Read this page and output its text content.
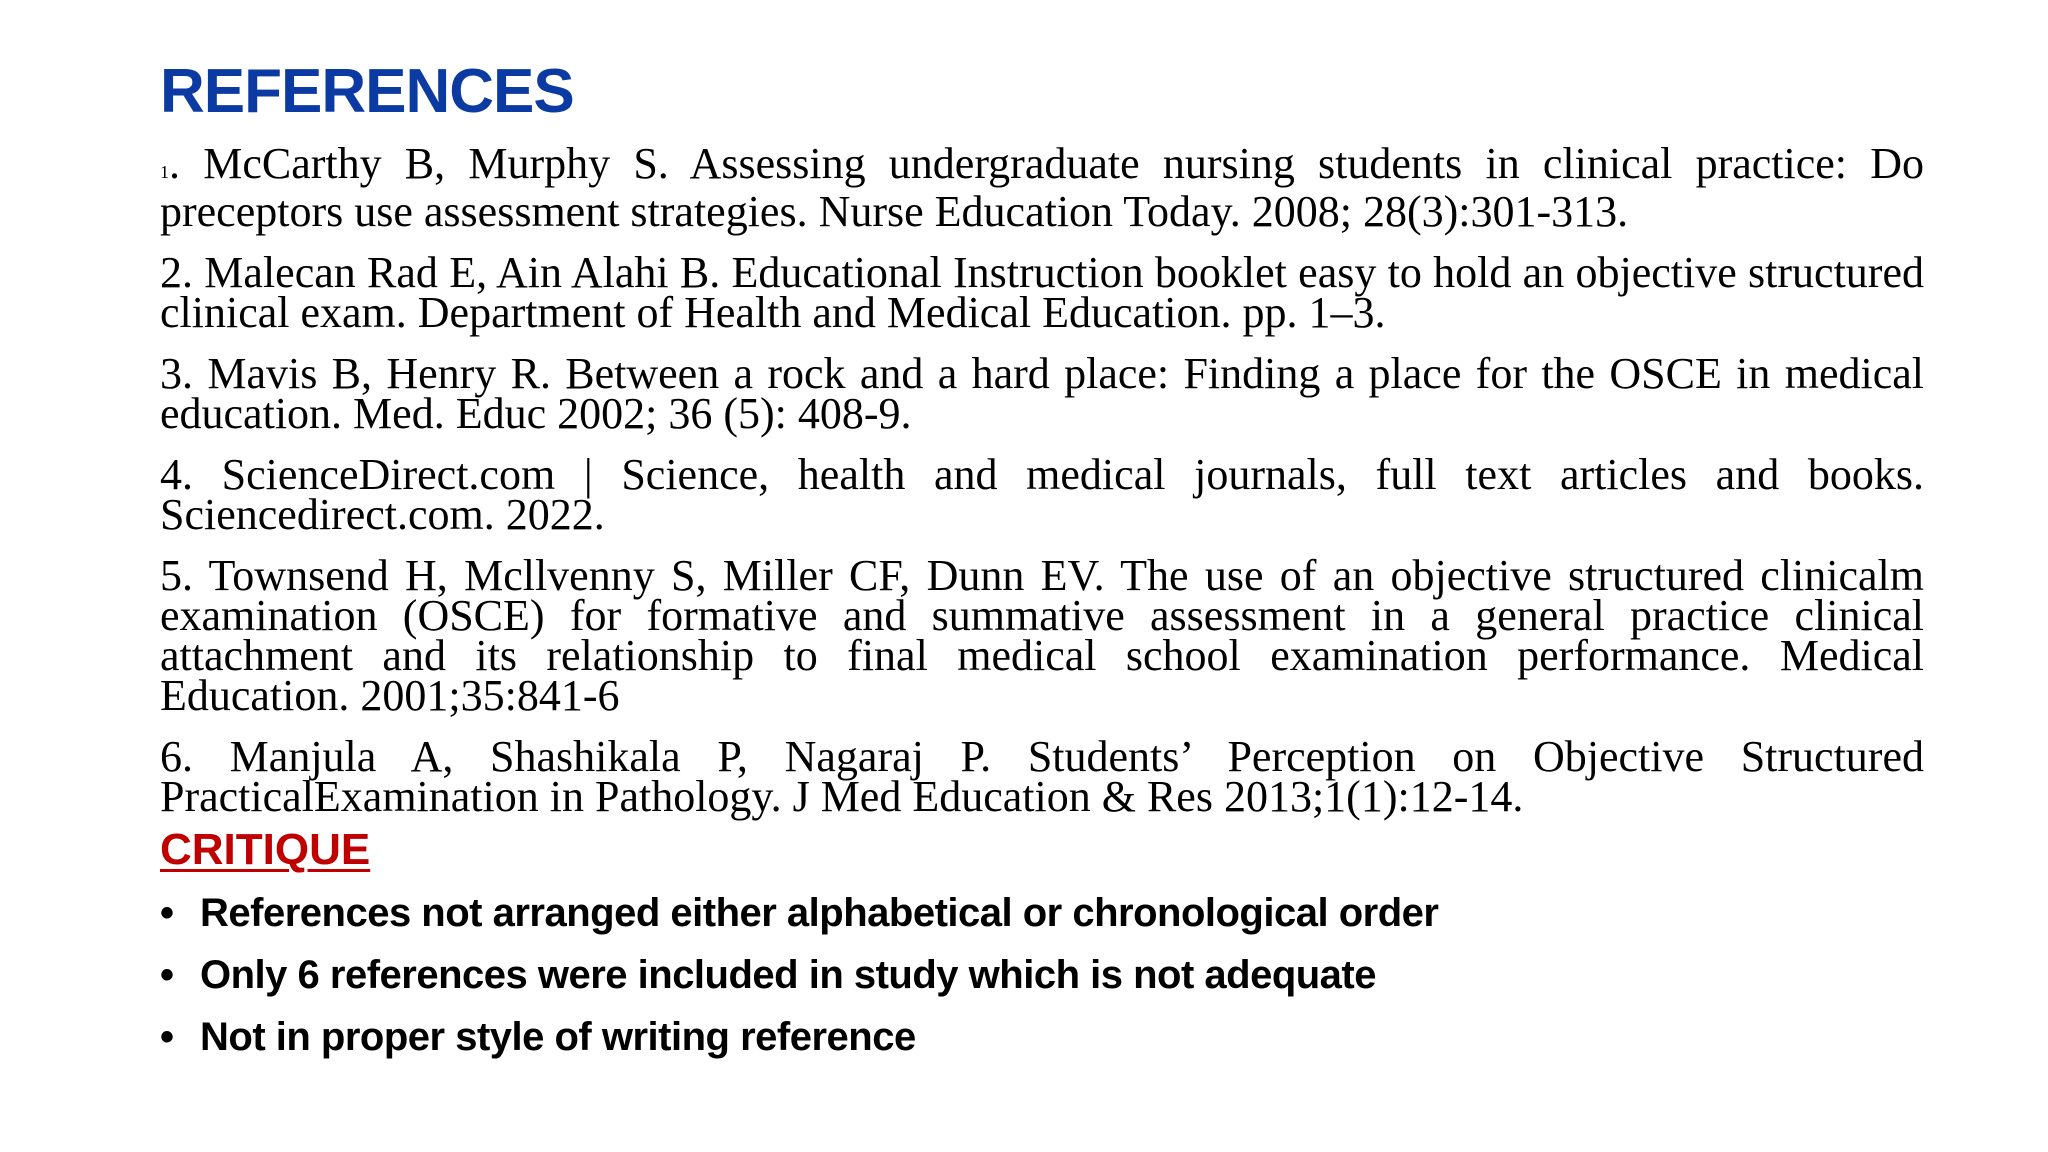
REFERENCES

1. McCarthy B, Murphy S. Assessing undergraduate nursing students in clinical practice: Do preceptors use assessment strategies. Nurse Education Today. 2008; 28(3):301-313.

2. Malecan Rad E, Ain Alahi B. Educational Instruction booklet easy to hold an objective structured clinical exam. Department of Health and Medical Education. pp. 1–3.

3. Mavis B, Henry R. Between a rock and a hard place: Finding a place for the OSCE in medical education. Med. Educ 2002; 36 (5): 408-9.

4. ScienceDirect.com | Science, health and medical journals, full text articles and books. Sciencedirect.com. 2022.

5. Townsend H, Mcllvenny S, Miller CF, Dunn EV. The use of an objective structured clinicalm examination (OSCE) for formative and summative assessment in a general practice clinical attachment and its relationship to final medical school examination performance. Medical Education. 2001;35:841-6

6. Manjula A, Shashikala P, Nagaraj P. Students’ Perception on Objective Structured PracticalExamination in Pathology. J Med Education & Res 2013;1(1):12-14.

CRITIQUE
• References not arranged either alphabetical or chronological order
• Only 6 references were included in study which is not adequate
• Not in proper style of writing reference
